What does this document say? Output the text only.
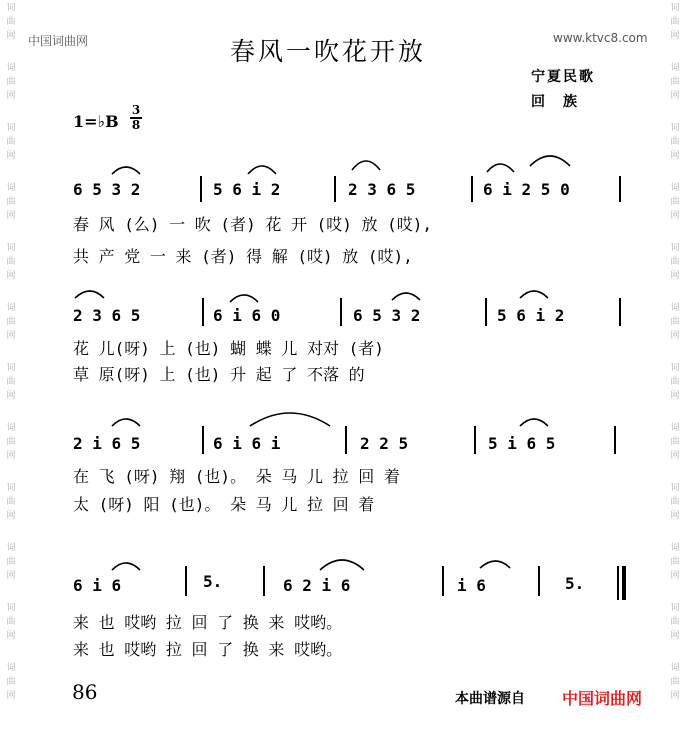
词
曲
网
词
曲
网
词
曲
网
词
曲
网
词
曲
网
词
曲
网
词
曲
网
词
曲
网
词
曲
网
词
曲
网
词
曲
网
词
曲
网
词
曲
网
词
曲
网
词
曲
网
词
曲
网
词
曲
网
词
曲
网
词
曲
网
词
曲
网
词
曲
网
词
曲
网
词
曲
网
词
曲
网
中国词曲网	www.ktvc8.com
春风一吹花开放
宁夏民歌
回族
1=♭B
3
8
6 5 3 2	5 6 i 2	2 3 6 5	6 i 2 5 0
春 风 (么) 一 吹 (者) 花 开 (哎) 放 (哎),
共 产 党 一 来 (者) 得 解 (哎) 放 (哎),
2 3 6 5	6 i 6 0	6 5 3 2	5 6 i 2
花 儿(呀) 上 (也) 蝴 蝶 儿 对对 (者)
草 原(呀) 上 (也) 升 起 了 不落 的
2 i 6 5	6 i 6 i	2 2 5	5 i 6 5
在 飞 (呀) 翔 (也)。 朵 马 儿 拉 回 着
太 (呀) 阳 (也)。 朵 马 儿 拉 回 着
6 i 6	5.	6 2 i 6	i 6	5.
来 也 哎哟 拉 回 了 换 来 哎哟。
来 也 哎哟 拉 回 了 换 来 哎哟。
86	本曲谱源自 中国词曲网
